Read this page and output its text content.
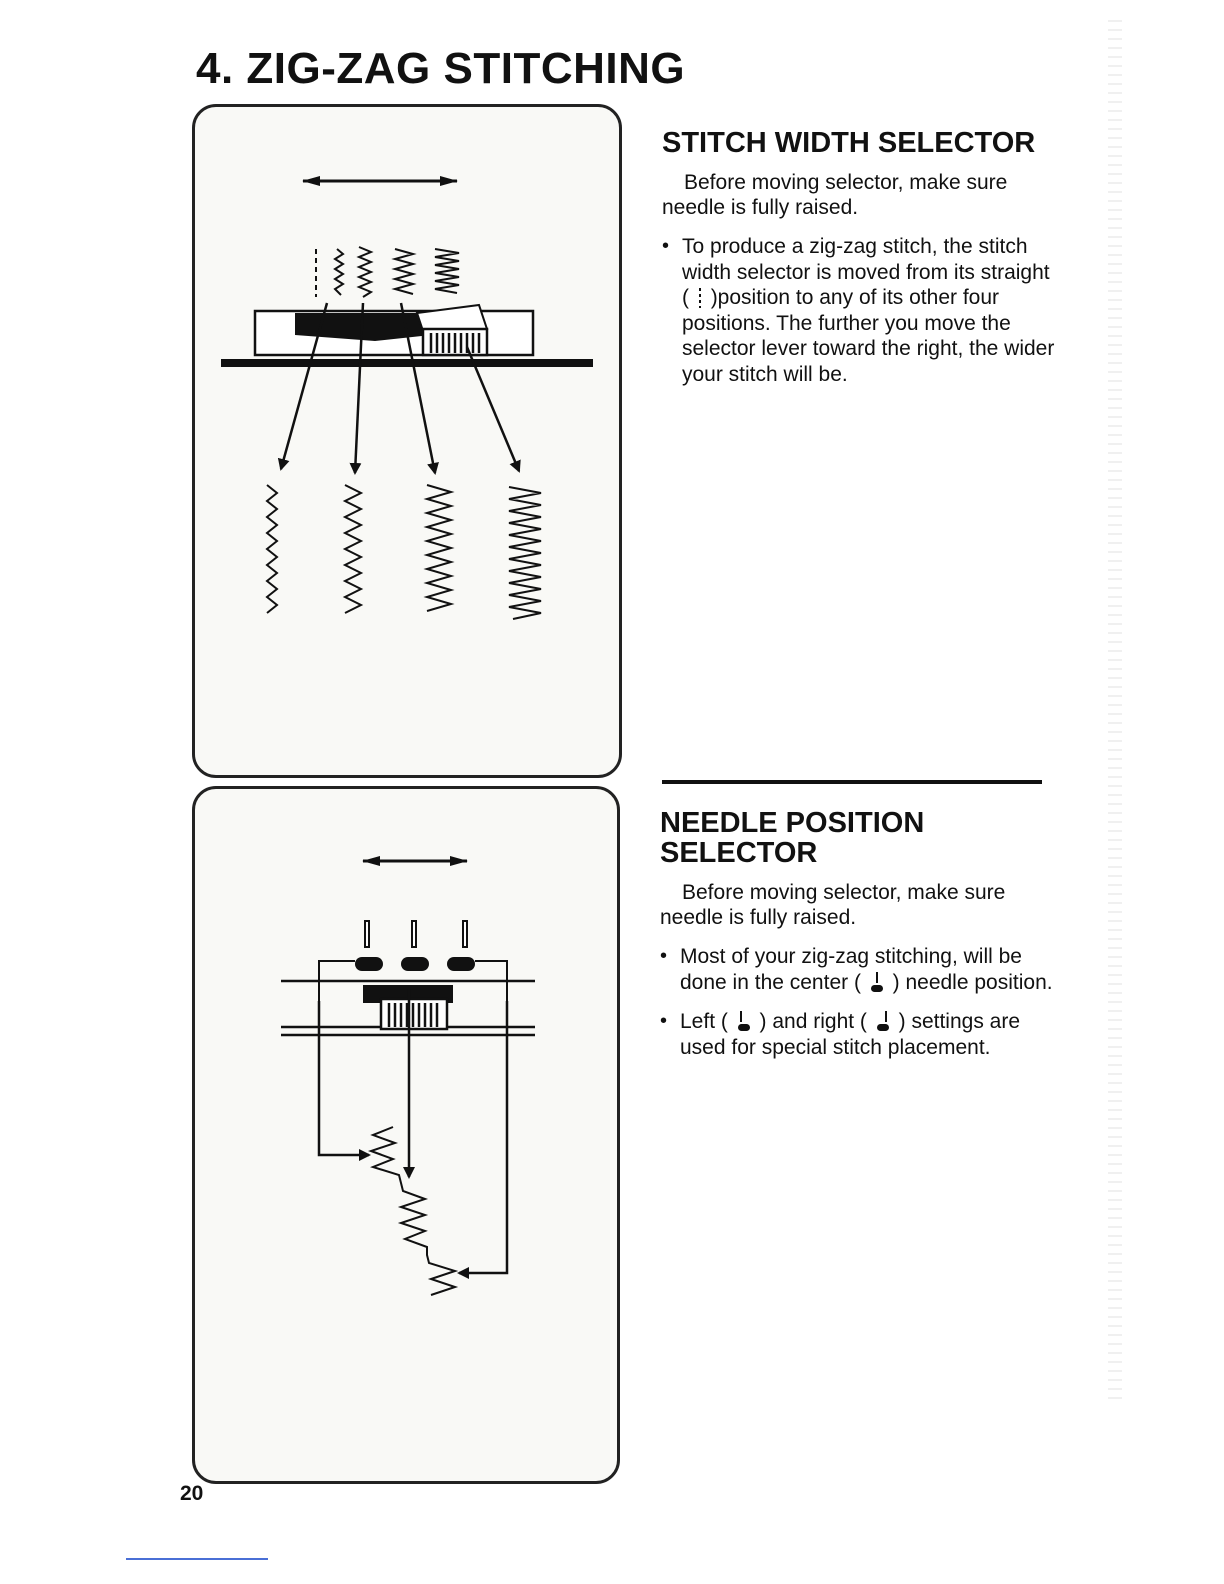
4. ZIG-ZAG STITCHING
STITCH WIDTH SELECTOR

Before moving selector, make sure needle is fully raised.

• To produce a zig-zag stitch, the stitch width selector is moved from its straight ( )position to any of its other four positions. The further you move the selector lever toward the right, the wider your stitch will be.
NEEDLE POSITION
SELECTOR

Before moving selector, make sure needle is fully raised.

• Most of your zig-zag stitching, will be done in the center ( ) needle position.
• Left ( ) and right ( ) settings are used for special stitch placement.
20
